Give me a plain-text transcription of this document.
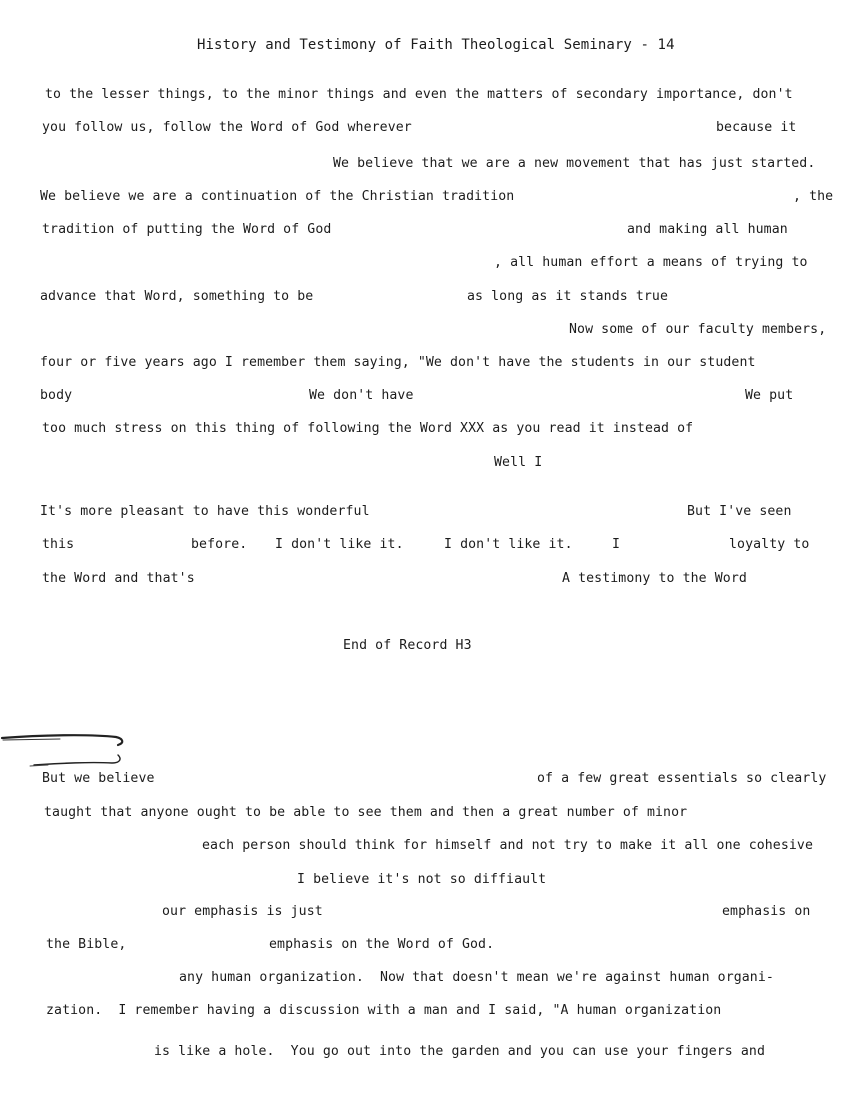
History and Testimony of Faith Theological Seminary - 14
to the lesser things, to the minor things and even the matters of secondary importance, don't
you follow us, follow the Word of God wherever	because it
We believe that we are a new movement that has just started.
We believe we are a continuation of the Christian tradition	, the
tradition of putting the Word of God	and making all human
, all human effort a means of trying to
advance that Word, something to be	as long as it stands true
Now some of our faculty members,
four or five years ago I remember them saying, "We don't have the students in our student
body	We don't have	We put
too much stress on this thing of following the Word XXX as you read it instead of
Well I
It's more pleasant to have this wonderful	But I've seen
this	before. I don't like it.	I don't like it.	I	loyalty to
the Word and that's	A testimony to the Word
End of Record H3
But we believe	of a few great essentials so clearly
taught that anyone ought to be able to see them and then a great number of minor
each person should think for himself and not try to make it all one cohesive
I believe it's not so diffiault
our emphasis is just	emphasis on
the Bible,	emphasis on the Word of God.
any human organization.  Now that doesn't mean we're against human organi-
zation.  I remember having a discussion with a man and I said, "A human organization
is like a hole.  You go out into the garden and you can use your fingers and
